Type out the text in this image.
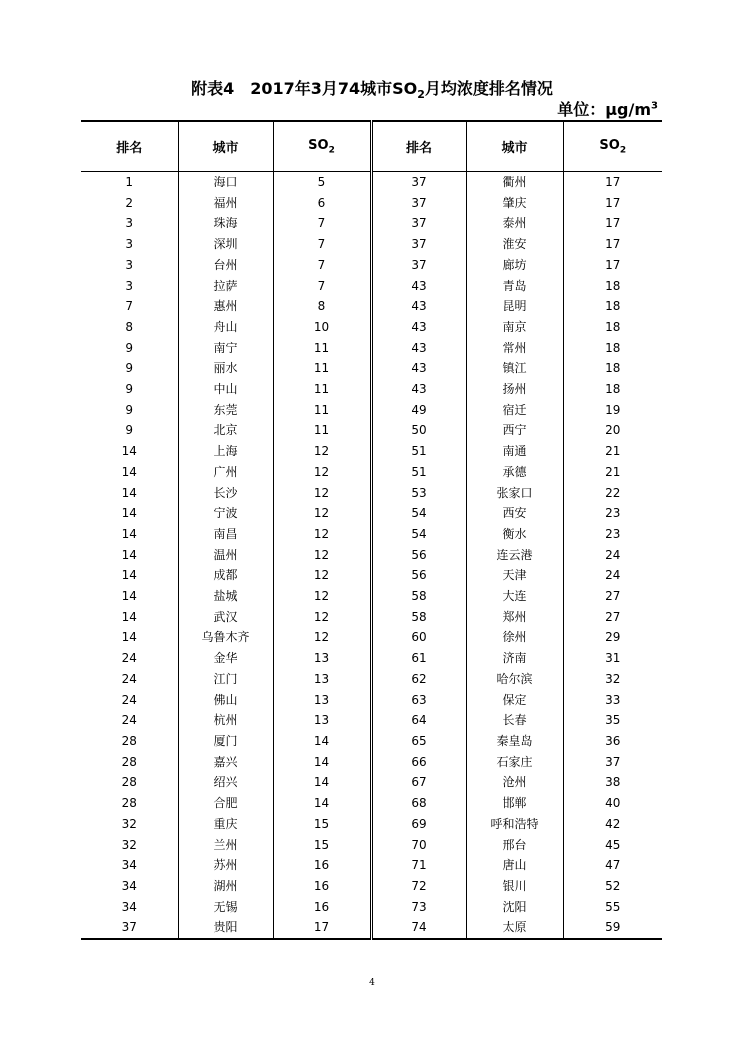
附表4　2017年3月74城市$SO_2$月均浓度排名情况
单位：$\mu g/m^3$
排名	城市	$SO_2$	排名	城市	$SO_2$
1	海口	5	37	衢州	17
2	福州	6	37	肇庆	17
3	珠海	7	37	泰州	17
3	深圳	7	37	淮安	17
3	台州	7	37	廊坊	17
3	拉萨	7	43	青岛	18
7	惠州	8	43	昆明	18
8	舟山	10	43	南京	18
9	南宁	11	43	常州	18
9	丽水	11	43	镇江	18
9	中山	11	43	扬州	18
9	东莞	11	49	宿迁	19
9	北京	11	50	西宁	20
14	上海	12	51	南通	21
14	广州	12	51	承德	21
14	长沙	12	53	张家口	22
14	宁波	12	54	西安	23
14	南昌	12	54	衡水	23
14	温州	12	56	连云港	24
14	成都	12	56	天津	24
14	盐城	12	58	大连	27
14	武汉	12	58	郑州	27
14	乌鲁木齐	12	60	徐州	29
24	金华	13	61	济南	31
24	江门	13	62	哈尔滨	32
24	佛山	13	63	保定	33
24	杭州	13	64	长春	35
28	厦门	14	65	秦皇岛	36
28	嘉兴	14	66	石家庄	37
28	绍兴	14	67	沧州	38
28	合肥	14	68	邯郸	40
32	重庆	15	69	呼和浩特	42
32	兰州	15	70	邢台	45
34	苏州	16	71	唐山	47
34	湖州	16	72	银川	52
34	无锡	16	73	沈阳	55
37	贵阳	17	74	太原	59
4
